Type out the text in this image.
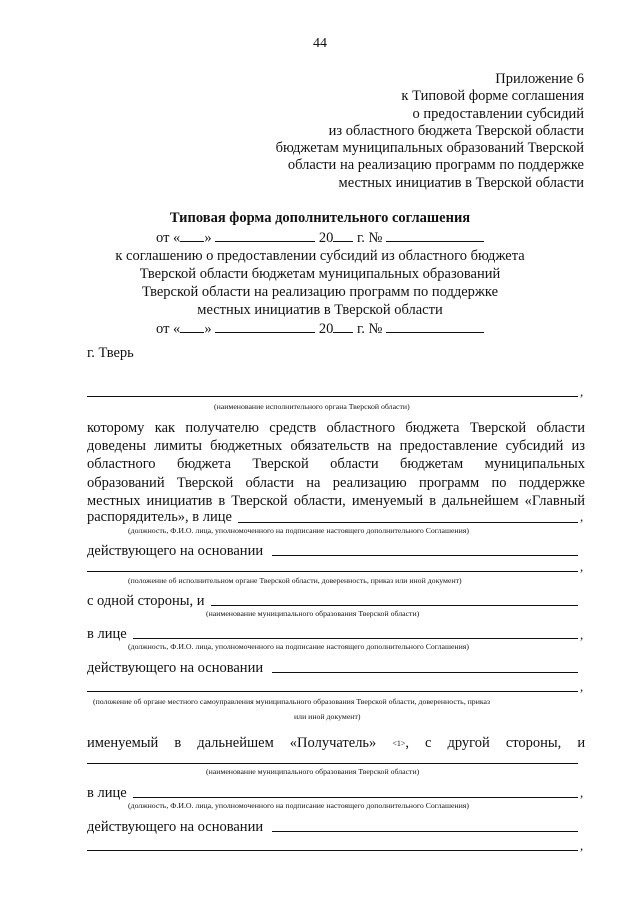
44
Приложение 6
к Типовой форме соглашения
о предоставлении субсидий
из областного бюджета Тверской области
бюджетам муниципальных образований Тверской
области на реализацию программ по поддержке
местных инициатив в Тверской области
Типовая форма дополнительного соглашения
от « »	20 г. №
к соглашению о предоставлении субсидий из областного бюджета
Тверской области бюджетам муниципальных образований
Тверской области на реализацию программ по поддержке
местных инициатив в Тверской области
от « »	20 г. №
г. Тверь
,
(наименование исполнительного органа Тверской области)
которому как получателю средств областного бюджета Тверской области
доведены лимиты бюджетных обязательств на предоставление субсидий из
областного бюджета Тверской области бюджетам муниципальных
образований Тверской области на реализацию программ по поддержке
местных инициатив в Тверской области, именуемый в дальнейшем «Главный
распорядитель», в лице	,
(должность, Ф.И.О. лица, уполномоченного на подписание настоящего дополнительного Соглашения)
действующего на основании
,
(положение об исполнительном органе Тверской области, доверенность, приказ или иной документ)
с одной стороны, и
(наименование муниципального образования Тверской области)
в лице	,
(должность, Ф.И.О. лица, уполномоченного на подписание настоящего дополнительного Соглашения)
действующего на основании
,
(положение об органе местного самоуправления муниципального образования Тверской области, доверенность, приказ
или иной документ)
именуемый в дальнейшем «Получатель» <1>, с другой стороны, и
(наименование муниципального образования Тверской области)
в лице	,
(должность, Ф.И.О. лица, уполномоченного на подписание настоящего дополнительного Соглашения)
действующего на основании
,
